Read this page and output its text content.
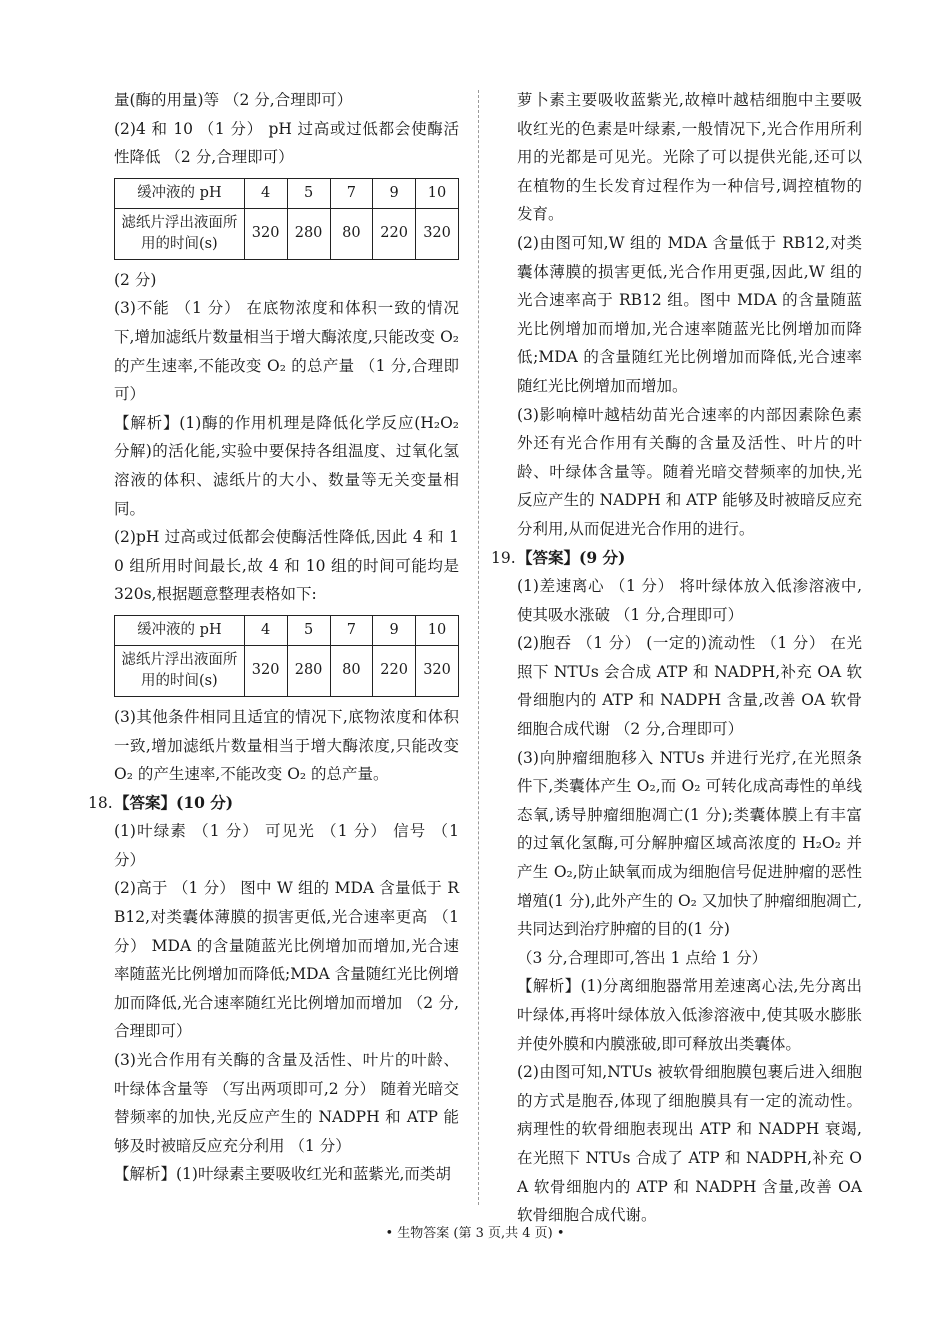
量(酶的用量)等 （2 分,合理即可）

(2)4 和 10 （1 分） pH 过高或过低都会使酶活性降低 （2 分,合理即可）

缓冲液的 pH	4	5	7	9	10
滤纸片浮出液面所用的时间(s)	320	280	80	220	320

(2 分)

(3)不能 （1 分） 在底物浓度和体积一致的情况下,增加滤纸片数量相当于增大酶浓度,只能改变 O₂ 的产生速率,不能改变 O₂ 的总产量 （1 分,合理即可）

【解析】(1)酶的作用机理是降低化学反应(H₂O₂ 分解)的活化能,实验中要保持各组温度、过氧化氢溶液的体积、滤纸片的大小、数量等无关变量相同。

(2)pH 过高或过低都会使酶活性降低,因此 4 和 10 组所用时间最长,故 4 和 10 组的时间可能均是 320s,根据题意整理表格如下:

缓冲液的 pH	4	5	7	9	10
滤纸片浮出液面所用的时间(s)	320	280	80	220	320

(3)其他条件相同且适宜的情况下,底物浓度和体积一致,增加滤纸片数量相当于增大酶浓度,只能改变 O₂ 的产生速率,不能改变 O₂ 的总产量。

18. 【答案】(10 分)

(1)叶绿素 （1 分） 可见光 （1 分） 信号 （1 分）

(2)高于 （1 分） 图中 W 组的 MDA 含量低于 RB12,对类囊体薄膜的损害更低,光合速率更高 （1 分） MDA 的含量随蓝光比例增加而增加,光合速率随蓝光比例增加而降低;MDA 含量随红光比例增加而降低,光合速率随红光比例增加而增加 （2 分,合理即可）

(3)光合作用有关酶的含量及活性、叶片的叶龄、叶绿体含量等 （写出两项即可,2 分） 随着光暗交替频率的加快,光反应产生的 NADPH 和 ATP 能够及时被暗反应充分利用 （1 分）

【解析】(1)叶绿素主要吸收红光和蓝紫光,而类胡

萝卜素主要吸收蓝紫光,故樟叶越桔细胞中主要吸收红光的色素是叶绿素,一般情况下,光合作用所利用的光都是可见光。光除了可以提供光能,还可以在植物的生长发育过程作为一种信号,调控植物的发育。

(2)由图可知,W 组的 MDA 含量低于 RB12,对类囊体薄膜的损害更低,光合作用更强,因此,W 组的光合速率高于 RB12 组。图中 MDA 的含量随蓝光比例增加而增加,光合速率随蓝光比例增加而降低;MDA 的含量随红光比例增加而降低,光合速率随红光比例增加而增加。

(3)影响樟叶越桔幼苗光合速率的内部因素除色素外还有光合作用有关酶的含量及活性、叶片的叶龄、叶绿体含量等。随着光暗交替频率的加快,光反应产生的 NADPH 和 ATP 能够及时被暗反应充分利用,从而促进光合作用的进行。

19. 【答案】(9 分)

(1)差速离心 （1 分） 将叶绿体放入低渗溶液中,使其吸水涨破 （1 分,合理即可）

(2)胞吞 （1 分） (一定的)流动性 （1 分） 在光照下 NTUs 会合成 ATP 和 NADPH,补充 OA 软骨细胞内的 ATP 和 NADPH 含量,改善 OA 软骨细胞合成代谢 （2 分,合理即可）

(3)向肿瘤细胞移入 NTUs 并进行光疗,在光照条件下,类囊体产生 O₂,而 O₂ 可转化成高毒性的单线态氧,诱导肿瘤细胞凋亡(1 分);类囊体膜上有丰富的过氧化氢酶,可分解肿瘤区域高浓度的 H₂O₂ 并产生 O₂,防止缺氧而成为细胞信号促进肿瘤的恶性增殖(1 分),此外产生的 O₂ 又加快了肿瘤细胞凋亡,共同达到治疗肿瘤的目的(1 分)

（3 分,合理即可,答出 1 点给 1 分）

【解析】(1)分离细胞器常用差速离心法,先分离出叶绿体,再将叶绿体放入低渗溶液中,使其吸水膨胀并使外膜和内膜涨破,即可释放出类囊体。

(2)由图可知,NTUs 被软骨细胞膜包裹后进入细胞的方式是胞吞,体现了细胞膜具有一定的流动性。病理性的软骨细胞表现出 ATP 和 NADPH 衰竭,在光照下 NTUs 合成了 ATP 和 NADPH,补充 OA 软骨细胞内的 ATP 和 NADPH 含量,改善 OA 软骨细胞合成代谢。

• 生物答案 (第 3 页,共 4 页) •
